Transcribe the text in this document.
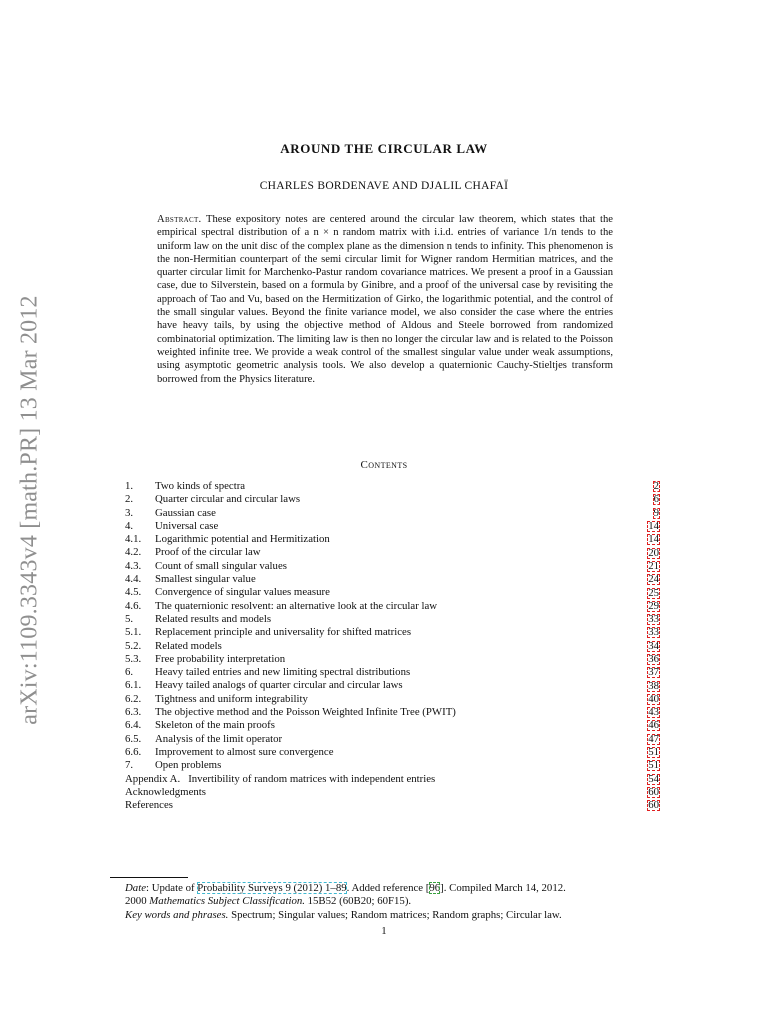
arXiv:1109.3343v4 [math.PR] 13 Mar 2012
AROUND THE CIRCULAR LAW
CHARLES BORDENAVE AND DJALIL CHAFAÏ
Abstract. These expository notes are centered around the circular law theorem, which states that the empirical spectral distribution of a n × n random matrix with i.i.d. entries of variance 1/n tends to the uniform law on the unit disc of the complex plane as the dimension n tends to infinity. This phenomenon is the non-Hermitian counterpart of the semi circular limit for Wigner random Hermitian matrices, and the quarter circular limit for Marchenko-Pastur random covariance matrices. We present a proof in a Gaussian case, due to Silverstein, based on a formula by Ginibre, and a proof of the universal case by revisiting the approach of Tao and Vu, based on the Hermitization of Girko, the logarithmic potential, and the control of the small singular values. Beyond the finite variance model, we also consider the case where the entries have heavy tails, by using the objective method of Aldous and Steele borrowed from randomized combinatorial optimization. The limiting law is then no longer the circular law and is related to the Poisson weighted infinite tree. We provide a weak control of the smallest singular value under weak assumptions, using asymptotic geometric analysis tools. We also develop a quaternionic Cauchy-Stieltjes transform borrowed from the Physics literature.
Contents
1. Two kinds of spectra	2
2. Quarter circular and circular laws	6
3. Gaussian case	9
4. Universal case	14
4.1. Logarithmic potential and Hermitization	14
4.2. Proof of the circular law	20
4.3. Count of small singular values	21
4.4. Smallest singular value	24
4.5. Convergence of singular values measure	25
4.6. The quaternionic resolvent: an alternative look at the circular law	29
5. Related results and models	33
5.1. Replacement principle and universality for shifted matrices	33
5.2. Related models	34
5.3. Free probability interpretation	36
6. Heavy tailed entries and new limiting spectral distributions	37
6.1. Heavy tailed analogs of quarter circular and circular laws	38
6.2. Tightness and uniform integrability	40
6.3. The objective method and the Poisson Weighted Infinite Tree (PWIT)	43
6.4. Skeleton of the main proofs	46
6.5. Analysis of the limit operator	47
6.6. Improvement to almost sure convergence	51
7. Open problems	51
Appendix A. Invertibility of random matrices with independent entries	54
Acknowledgments	60
References	60

Date: Update of Probability Surveys 9 (2012) 1–89. Added reference [96]. Compiled March 14, 2012.

2000 Mathematics Subject Classification. 15B52 (60B20; 60F15).

Key words and phrases. Spectrum; Singular values; Random matrices; Random graphs; Circular law.

1
